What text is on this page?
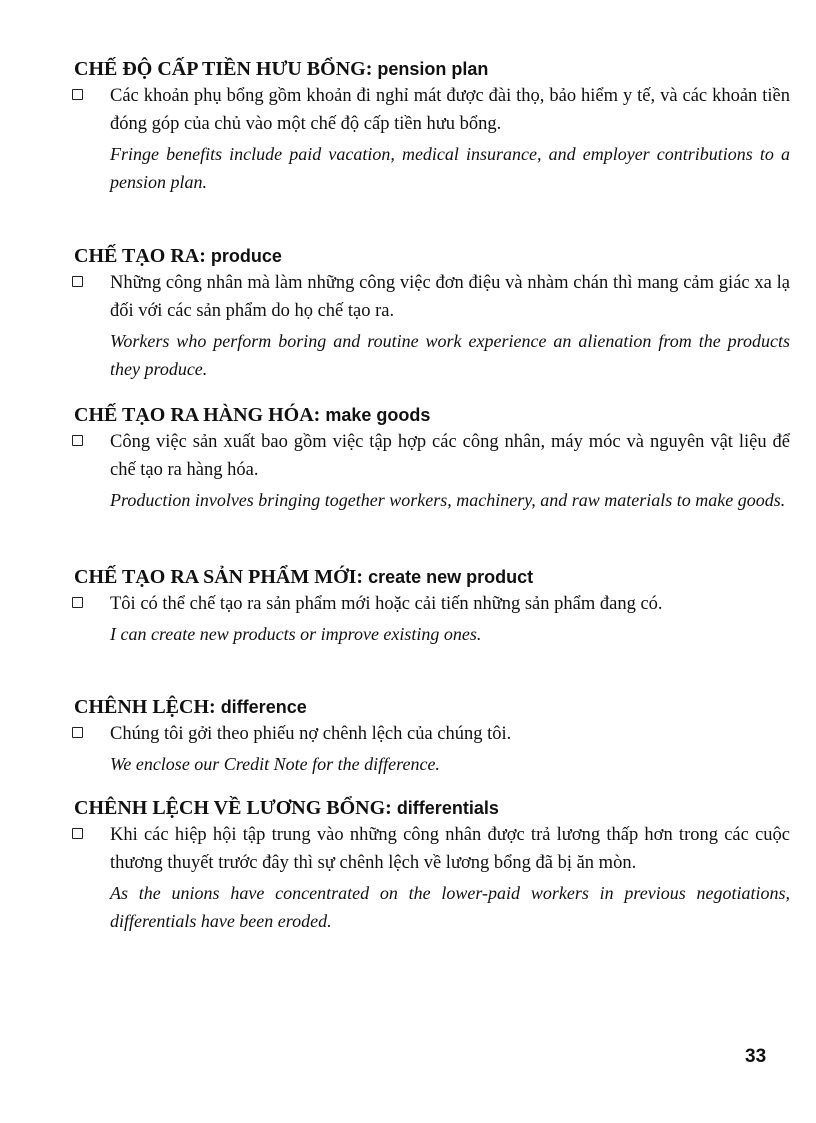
CHẾ ĐỘ CẤP TIỀN HƯU BỔNG: pension plan

Các khoản phụ bổng gồm khoản đi nghỉ mát được đài thọ, bảo hiểm y tế, và các khoản tiền đóng góp của chủ vào một chế độ cấp tiền hưu bổng.

Fringe benefits include paid vacation, medical insurance, and employer contributions to a pension plan.

CHẾ TẠO RA: produce

Những công nhân mà làm những công việc đơn điệu và nhàm chán thì mang cảm giác xa lạ đối với các sản phẩm do họ chế tạo ra.

Workers who perform boring and routine work experience an alienation from the products they produce.

CHẾ TẠO RA HÀNG HÓA: make goods

Công việc sản xuất bao gồm việc tập hợp các công nhân, máy móc và nguyên vật liệu để chế tạo ra hàng hóa.

Production involves bringing together workers, machinery, and raw materials to make goods.

CHẾ TẠO RA SẢN PHẨM MỚI: create new product

Tôi có thể chế tạo ra sản phẩm mới hoặc cải tiến những sản phẩm đang có.

I can create new products or improve existing ones.

CHÊNH LỆCH: difference

Chúng tôi gởi theo phiếu nợ chênh lệch của chúng tôi.

We enclose our Credit Note for the difference.

CHÊNH LỆCH VỀ LƯƠNG BỔNG: differentials

Khi các hiệp hội tập trung vào những công nhân được trả lương thấp hơn trong các cuộc thương thuyết trước đây thì sự chênh lệch về lương bổng đã bị ăn mòn.

As the unions have concentrated on the lower-paid workers in previous negotiations, differentials have been eroded.

33
